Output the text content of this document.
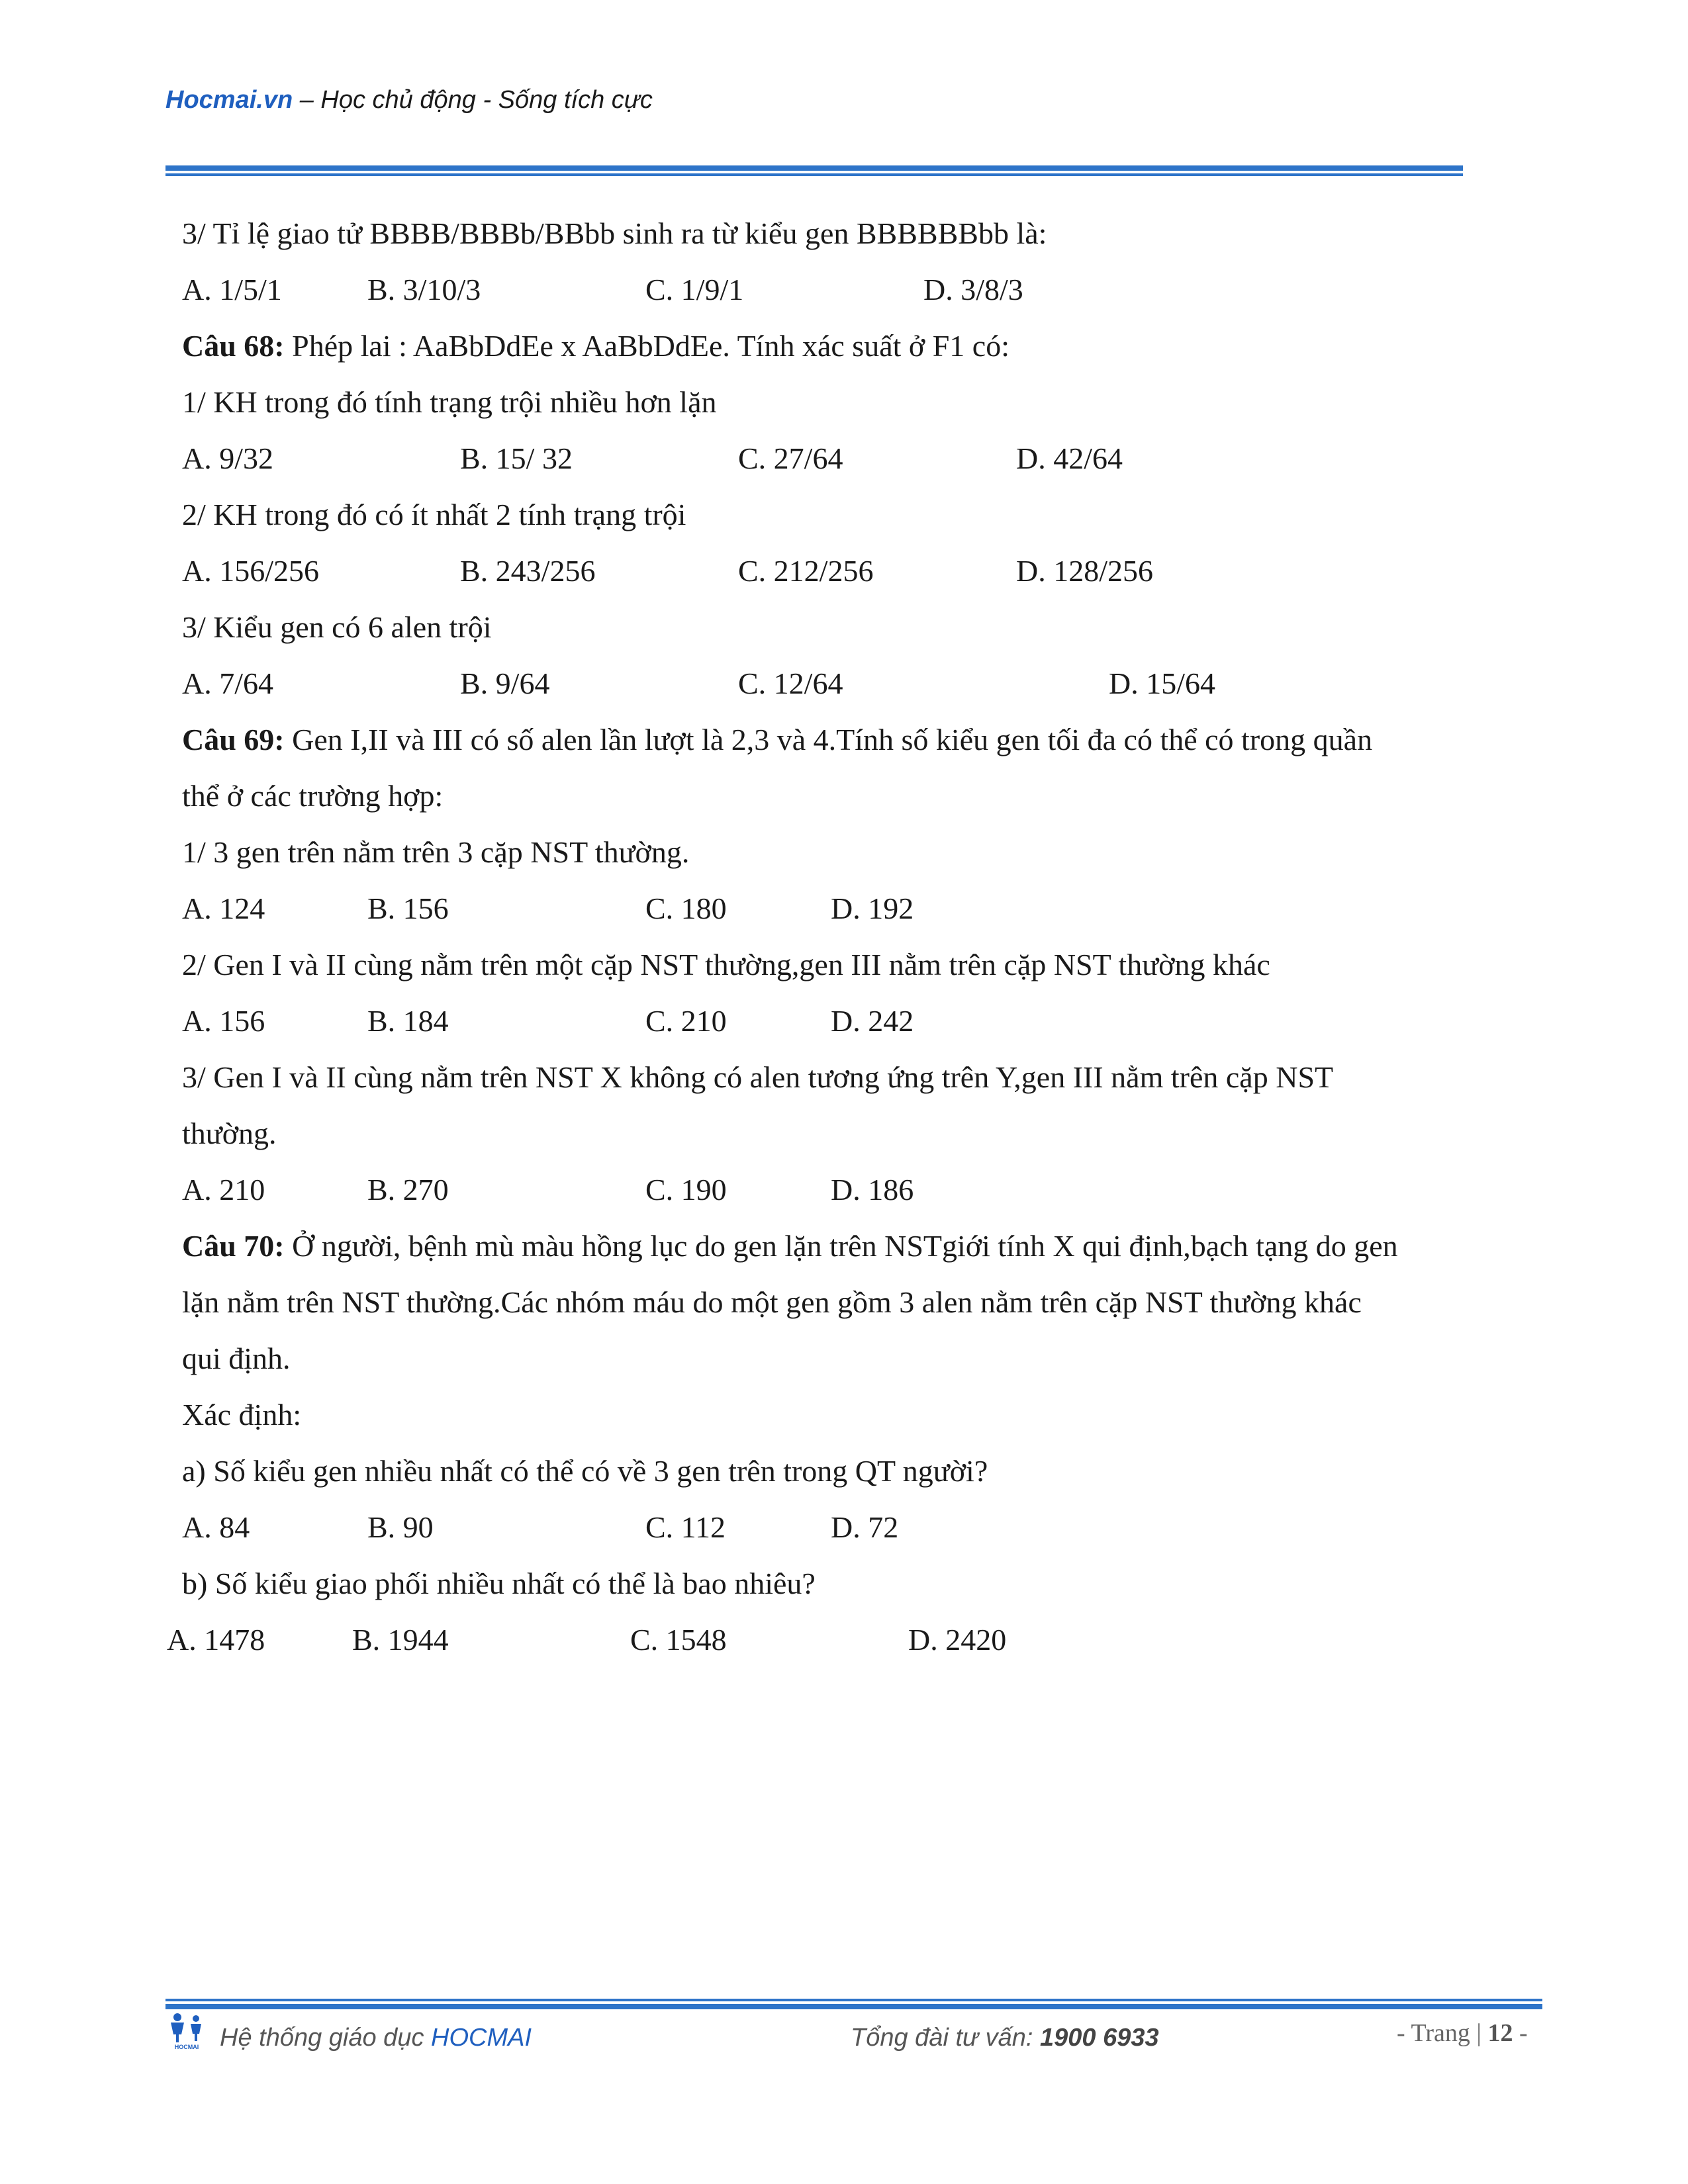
Hocmai.vn – Học chủ động - Sống tích cực
3/ Tỉ lệ giao tử BBBB/BBBb/BBbb sinh ra từ kiểu gen BBBBBBbb là:
A. 1/5/1	B. 3/10/3	C. 1/9/1	D. 3/8/3
Câu 68: Phép lai : AaBbDdEe x AaBbDdEe. Tính xác suất ở F1 có:
1/ KH trong đó tính trạng trội nhiều hơn lặn
A. 9/32	B. 15/ 32	C. 27/64	D. 42/64
2/ KH trong đó có ít nhất 2 tính trạng trội
A. 156/256	B. 243/256	C. 212/256	D. 128/256
3/ Kiểu gen có 6 alen trội
A. 7/64	B. 9/64	C. 12/64	D. 15/64
Câu 69: Gen I,II và III có số alen lần lượt là 2,3 và 4.Tính số kiểu gen tối đa có thể có trong quần
thể ở các trường hợp:
1/ 3 gen trên nằm trên 3 cặp NST thường.
A. 124	B. 156	C. 180	D. 192
2/ Gen I và II cùng nằm trên một cặp NST thường,gen III nằm trên cặp NST thường khác
A. 156	B. 184	C. 210	D. 242
3/ Gen I và II cùng nằm trên NST X không có alen tương ứng trên Y,gen III nằm trên cặp NST
thường.
A. 210	B. 270	C. 190	D. 186
Câu 70: Ở người, bệnh mù màu hồng lục do gen lặn trên NSTgiới tính X qui định,bạch tạng do gen
lặn nằm trên NST thường.Các nhóm máu do một gen gồm 3 alen nằm trên cặp NST thường khác
qui định.
Xác định:
a) Số kiểu gen nhiều nhất có thể có về 3 gen trên trong QT người?
A. 84	B. 90	C. 112	D. 72
b) Số kiểu giao phối nhiều nhất có thể là bao nhiêu?
A. 1478	B. 1944	C. 1548	D. 2420
HOCMAI Hệ thống giáo dục HOCMAI	Tổng đài tư vấn: 1900 6933	- Trang | 12 -
